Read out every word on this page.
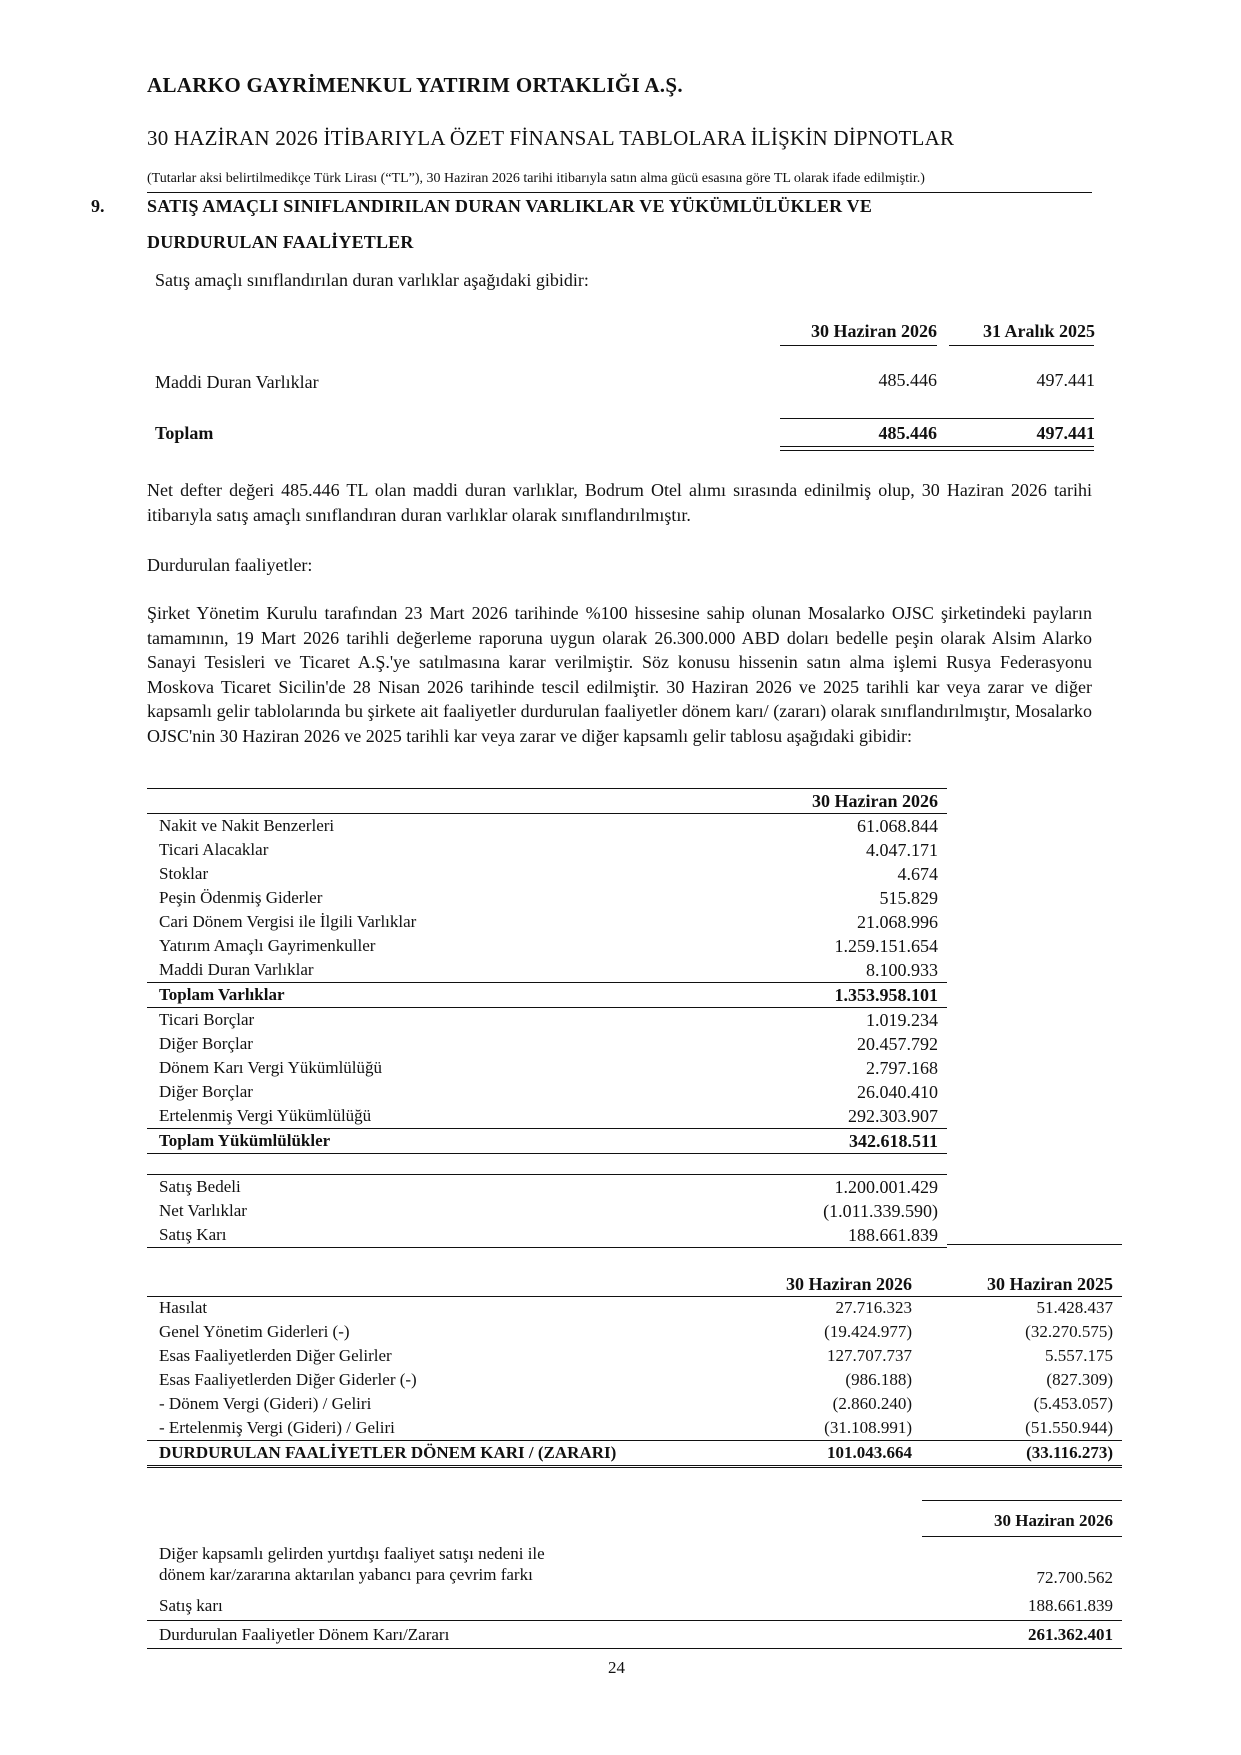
ALARKO GAYRİMENKUL YATIRIM ORTAKLIĞI A.Ş.
30 HAZİRAN 2026 İTİBARIYLA ÖZET FİNANSAL TABLOLARA İLİŞKİN DİPNOTLAR
(Tutarlar aksi belirtilmedikçe Türk Lirası (“TL”), 30 Haziran 2026 tarihi itibarıyla satın alma gücü esasına göre TL olarak ifade edilmiştir.)
9. SATIŞ AMAÇLI SINIFLANDIRILAN DURAN VARLIKLAR VE YÜKÜMLÜLÜKLER VE
DURDURULAN FAALİYETLER
Satış amaçlı sınıflandırılan duran varlıklar aşağıdaki gibidir:
30 Haziran 2026	31 Aralık 2025
Maddi Duran Varlıklar	485.446	497.441
Toplam	485.446	497.441
Net defter değeri 485.446 TL olan maddi duran varlıklar, Bodrum Otel alımı sırasında edinilmiş olup, 30 Haziran 2026 tarihi itibarıyla satış amaçlı sınıflandıran duran varlıklar olarak sınıflandırılmıştır.
Durdurulan faaliyetler:
Şirket Yönetim Kurulu tarafından 23 Mart 2026 tarihinde %100 hissesine sahip olunan Mosalarko OJSC şirketindeki payların tamamının, 19 Mart 2026 tarihli değerleme raporuna uygun olarak 26.300.000 ABD doları bedelle peşin olarak Alsim Alarko Sanayi Tesisleri ve Ticaret A.Ş.'ye satılmasına karar verilmiştir. Söz konusu hissenin satın alma işlemi Rusya Federasyonu Moskova Ticaret Sicilin'de 28 Nisan 2026 tarihinde tescil edilmiştir. 30 Haziran 2026 ve 2025 tarihli kar veya zarar ve diğer kapsamlı gelir tablolarında bu şirkete ait faaliyetler durdurulan faaliyetler dönem karı/ (zararı) olarak sınıflandırılmıştır, Mosalarko OJSC'nin 30 Haziran 2026 ve 2025 tarihli kar veya zarar ve diğer kapsamlı gelir tablosu aşağıdaki gibidir:
	30 Haziran 2026
Nakit ve Nakit Benzerleri	61.068.844
Ticari Alacaklar	4.047.171
Stoklar	4.674
Peşin Ödenmiş Giderler	515.829
Cari Dönem Vergisi ile İlgili Varlıklar	21.068.996
Yatırım Amaçlı Gayrimenkuller	1.259.151.654
Maddi Duran Varlıklar	8.100.933
Toplam Varlıklar	1.353.958.101
Ticari Borçlar	1.019.234
Diğer Borçlar	20.457.792
Dönem Karı Vergi Yükümlülüğü	2.797.168
Diğer Borçlar	26.040.410
Ertelenmiş Vergi Yükümlülüğü	292.303.907
Toplam Yükümlülükler	342.618.511

Satış Bedeli	1.200.001.429
Net Varlıklar	(1.011.339.590)
Satış Karı	188.661.839
	30 Haziran 2026	30 Haziran 2025
Hasılat	27.716.323	51.428.437
Genel Yönetim Giderleri (-)	(19.424.977)	(32.270.575)
Esas Faaliyetlerden Diğer Gelirler	127.707.737	5.557.175
Esas Faaliyetlerden Diğer Giderler (-)	(986.188)	(827.309)
- Dönem Vergi (Gideri) / Geliri	(2.860.240)	(5.453.057)
- Ertelenmiş Vergi (Gideri) / Geliri	(31.108.991)	(51.550.944)
DURDURULAN FAALİYETLER DÖNEM KARI / (ZARARI)	101.043.664	(33.116.273)
30 Haziran 2026
Diğer kapsamlı gelirden yurtdışı faaliyet satışı nedeni ile
dönem kar/zararına aktarılan yabancı para çevrim farkı	72.700.562
Satış karı	188.661.839
Durdurulan Faaliyetler Dönem Karı/Zararı	261.362.401
24
